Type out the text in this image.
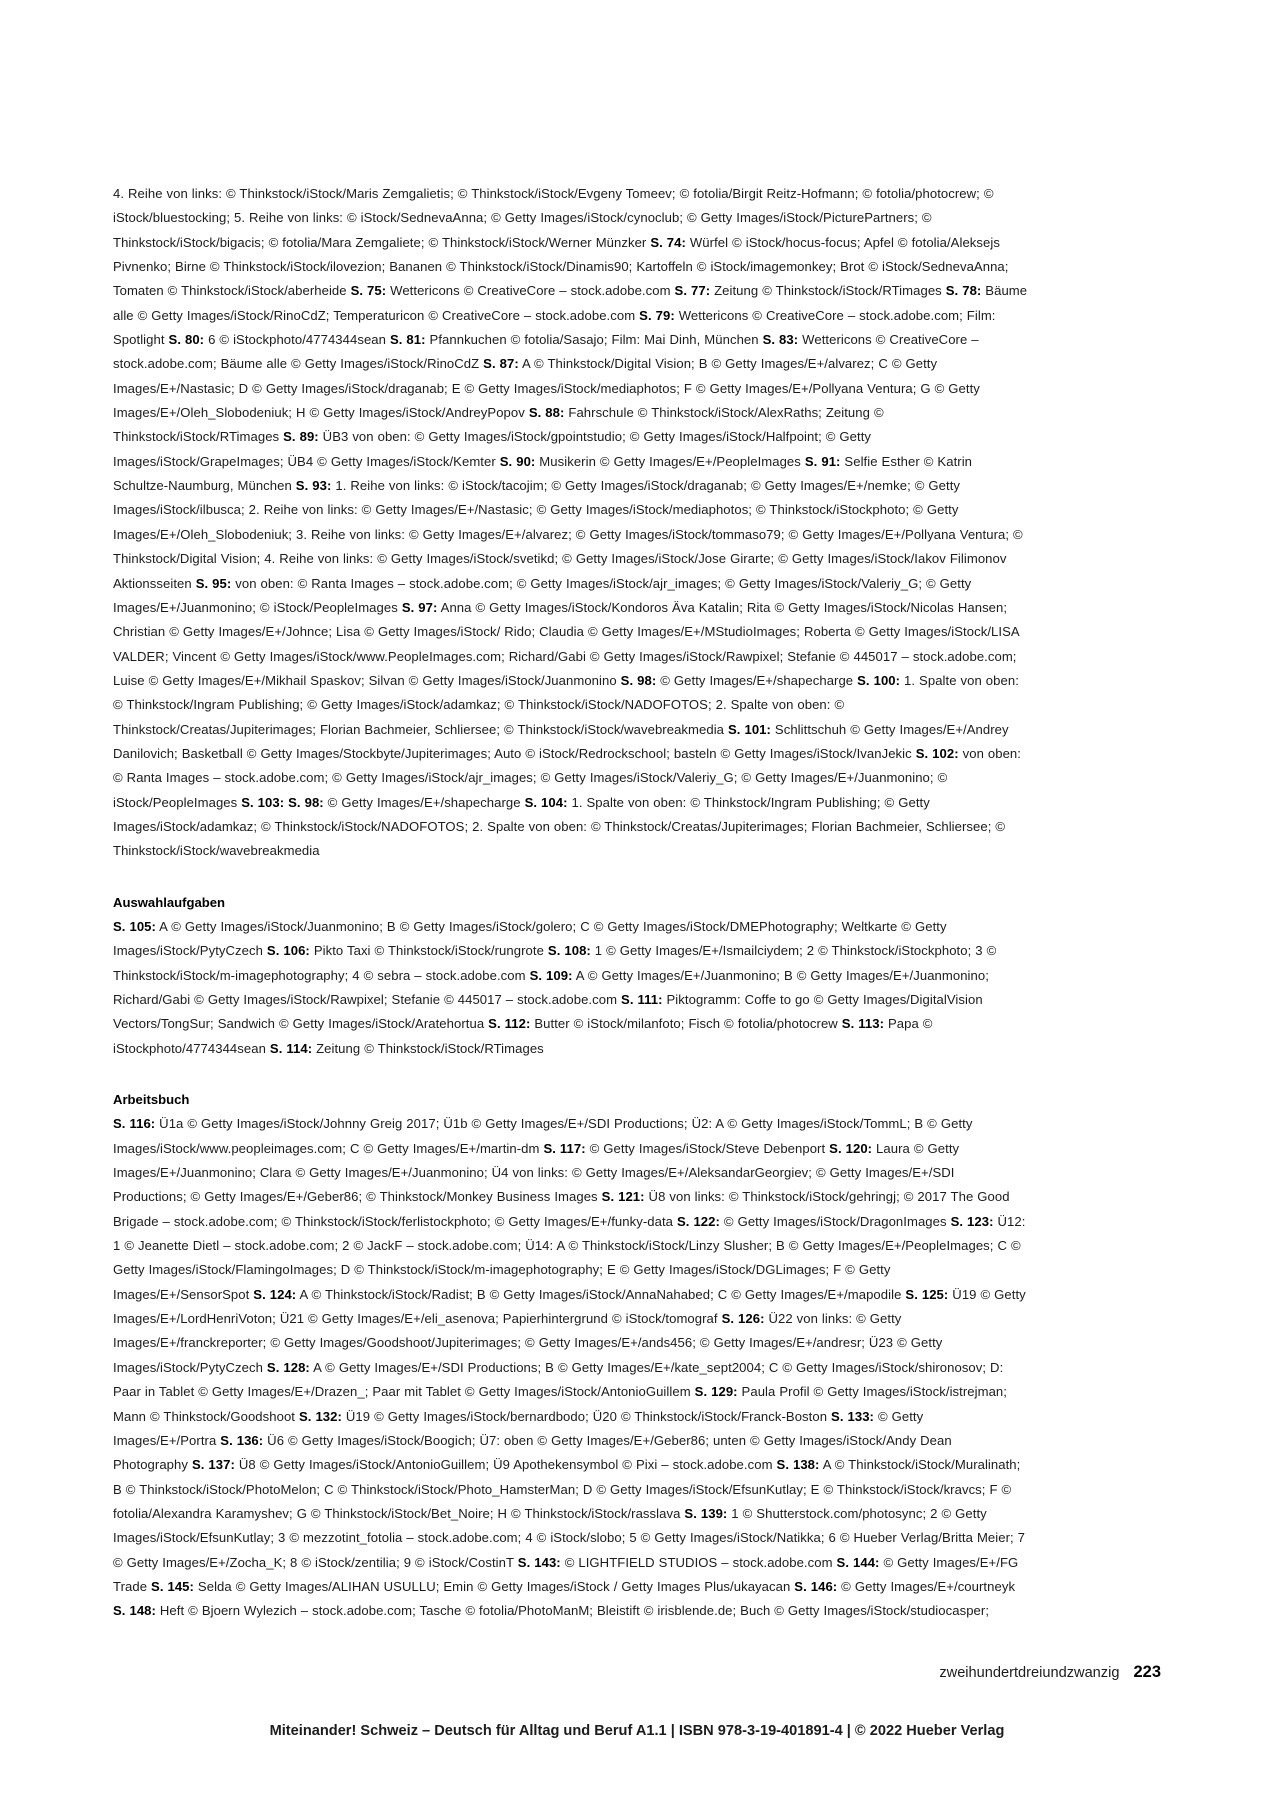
4. Reihe von links: © Thinkstock/iStock/Maris Zemgalietis; © Thinkstock/iStock/Evgeny Tomeev; © fotolia/Birgit Reitz-Hofmann; © fotolia/photocrew; © iStock/bluestocking; 5. Reihe von links: © iStock/SednevaAnna; © Getty Images/iStock/cynoclub; © Getty Images/iStock/PicturePartners; © Thinkstock/iStock/bigacis; © fotolia/Mara Zemgaliete; © Thinkstock/iStock/Werner Münzker S. 74: Würfel © iStock/hocus-focus; Apfel © fotolia/Aleksejs Pivnenko; Birne © Thinkstock/iStock/ilovezion; Bananen © Thinkstock/iStock/Dinamis90; Kartoffeln © iStock/imagemonkey; Brot © iStock/SednevaAnna; Tomaten © Thinkstock/iStock/aberheide S. 75: Wettericons © CreativeCore – stock.adobe.com S. 77: Zeitung © Thinkstock/iStock/RTimages S. 78: Bäume alle © Getty Images/iStock/RinoCdZ; Temperaturicon © CreativeCore – stock.adobe.com S. 79: Wettericons © CreativeCore – stock.adobe.com; Film: Spotlight S. 80: 6 © iStockphoto/4774344sean S. 81: Pfannkuchen © fotolia/Sasajo; Film: Mai Dinh, München S. 83: Wettericons © CreativeCore – stock.adobe.com; Bäume alle © Getty Images/iStock/RinoCdZ S. 87: A © Thinkstock/Digital Vision; B © Getty Images/E+/alvarez; C © Getty Images/E+/Nastasic; D © Getty Images/iStock/draganab; E © Getty Images/iStock/mediaphotos; F © Getty Images/E+/Pollyana Ventura; G © Getty Images/E+/Oleh_Slobodeniuk; H © Getty Images/iStock/AndreyPopov S. 88: Fahrschule © Thinkstock/iStock/AlexRaths; Zeitung © Thinkstock/iStock/RTimages S. 89: ÜB3 von oben: © Getty Images/iStock/gpointstudio; © Getty Images/iStock/Halfpoint; © Getty Images/iStock/GrapeImages; ÜB4 © Getty Images/iStock/Kemter S. 90: Musikerin © Getty Images/E+/PeopleImages S. 91: Selfie Esther © Katrin Schultze-Naumburg, München S. 93: 1. Reihe von links: © iStock/tacojim; © Getty Images/iStock/draganab; © Getty Images/E+/nemke; © Getty Images/iStock/ilbusca; 2. Reihe von links: © Getty Images/E+/Nastasic; © Getty Images/iStock/mediaphotos; © Thinkstock/iStockphoto; © Getty Images/E+/Oleh_Slobodeniuk; 3. Reihe von links: © Getty Images/E+/alvarez; © Getty Images/iStock/tommaso79; © Getty Images/E+/Pollyana Ventura; © Thinkstock/Digital Vision; 4. Reihe von links: © Getty Images/iStock/svetikd; © Getty Images/iStock/Jose Girarte; © Getty Images/iStock/Iakov Filimonov Aktionsseiten S. 95: von oben: © Ranta Images – stock.adobe.com; © Getty Images/iStock/ajr_images; © Getty Images/iStock/Valeriy_G; © Getty Images/E+/Juanmonino; © iStock/PeopleImages S. 97: Anna © Getty Images/iStock/Kondoros Äva Katalin; Rita © Getty Images/iStock/Nicolas Hansen; Christian © Getty Images/E+/Johnce; Lisa © Getty Images/iStock/ Rido; Claudia © Getty Images/E+/MStudioImages; Roberta © Getty Images/iStock/LISA VALDER; Vincent © Getty Images/iStock/www.PeopleImages.com; Richard/Gabi © Getty Images/iStock/Rawpixel; Stefanie © 445017 – stock.adobe.com; Luise © Getty Images/E+/Mikhail Spaskov; Silvan © Getty Images/iStock/Juanmonino S. 98: © Getty Images/E+/shapecharge S. 100: 1. Spalte von oben: © Thinkstock/Ingram Publishing; © Getty Images/iStock/adamkaz; © Thinkstock/iStock/NADOFOTOS; 2. Spalte von oben: © Thinkstock/Creatas/Jupiterimages; Florian Bachmeier, Schliersee; © Thinkstock/iStock/wavebreakmedia S. 101: Schlittschuh © Getty Images/E+/Andrey Danilovich; Basketball © Getty Images/Stockbyte/Jupiterimages; Auto © iStock/Redrockschool; basteln © Getty Images/iStock/IvanJekic S. 102: von oben: © Ranta Images – stock.adobe.com; © Getty Images/iStock/ajr_images; © Getty Images/iStock/Valeriy_G; © Getty Images/E+/Juanmonino; © iStock/PeopleImages S. 103: S. 98: © Getty Images/E+/shapecharge S. 104: 1. Spalte von oben: © Thinkstock/Ingram Publishing; © Getty Images/iStock/adamkaz; © Thinkstock/iStock/NADOFOTOS; 2. Spalte von oben: © Thinkstock/Creatas/Jupiterimages; Florian Bachmeier, Schliersee; © Thinkstock/iStock/wavebreakmedia
Auswahlaufgaben
S. 105: A © Getty Images/iStock/Juanmonino; B © Getty Images/iStock/golero; C © Getty Images/iStock/DMEPhotography; Weltkarte © Getty Images/iStock/PytyCzech S. 106: Pikto Taxi © Thinkstock/iStock/rungrote S. 108: 1 © Getty Images/E+/Ismailciydem; 2 © Thinkstock/iStockphoto; 3 © Thinkstock/iStock/m-imagephotography; 4 © sebra – stock.adobe.com S. 109: A © Getty Images/E+/Juanmonino; B © Getty Images/E+/Juanmonino; Richard/Gabi © Getty Images/iStock/Rawpixel; Stefanie © 445017 – stock.adobe.com S. 111: Piktogramm: Coffe to go © Getty Images/DigitalVision Vectors/TongSur; Sandwich © Getty Images/iStock/Aratehortua S. 112: Butter © iStock/milanfoto; Fisch © fotolia/photocrew S. 113: Papa © iStockphoto/4774344sean S. 114: Zeitung © Thinkstock/iStock/RTimages
Arbeitsbuch
S. 116: Ü1a © Getty Images/iStock/Johnny Greig 2017; Ü1b © Getty Images/E+/SDI Productions; Ü2: A © Getty Images/iStock/TommL; B © Getty Images/iStock/www.peopleimages.com; C © Getty Images/E+/martin-dm S. 117: © Getty Images/iStock/Steve Debenport S. 120: Laura © Getty Images/E+/Juanmonino; Clara © Getty Images/E+/Juanmonino; Ü4 von links: © Getty Images/E+/AleksandarGeorgiev; © Getty Images/E+/SDI Productions; © Getty Images/E+/Geber86; © Thinkstock/Monkey Business Images S. 121: Ü8 von links: © Thinkstock/iStock/gehringj; © 2017 The Good Brigade – stock.adobe.com; © Thinkstock/iStock/ferlistockphoto; © Getty Images/E+/funky-data S. 122: © Getty Images/iStock/DragonImages S. 123: Ü12: 1 © Jeanette Dietl – stock.adobe.com; 2 © JackF – stock.adobe.com; Ü14: A © Thinkstock/iStock/Linzy Slusher; B © Getty Images/E+/PeopleImages; C © Getty Images/iStock/FlamingoImages; D © Thinkstock/iStock/m-imagephotography; E © Getty Images/iStock/DGLimages; F © Getty Images/E+/SensorSpot S. 124: A © Thinkstock/iStock/Radist; B © Getty Images/iStock/AnnaNahabed; C © Getty Images/E+/mapodile S. 125: Ü19 © Getty Images/E+/LordHenriVoton; Ü21 © Getty Images/E+/eli_asenova; Papierhintergrund © iStock/tomograf S. 126: Ü22 von links: © Getty Images/E+/franckreporter; © Getty Images/Goodshoot/Jupiterimages; © Getty Images/E+/ands456; © Getty Images/E+/andresr; Ü23 © Getty Images/iStock/PytyCzech S. 128: A © Getty Images/E+/SDI Productions; B © Getty Images/E+/kate_sept2004; C © Getty Images/iStock/shironosov; D: Paar in Tablet © Getty Images/E+/Drazen_; Paar mit Tablet © Getty Images/iStock/AntonioGuillem S. 129: Paula Profil © Getty Images/iStock/istrejman; Mann © Thinkstock/Goodshoot S. 132: Ü19 © Getty Images/iStock/bernardbodo; Ü20 © Thinkstock/iStock/Franck-Boston S. 133: © Getty Images/E+/Portra S. 136: Ü6 © Getty Images/iStock/Boogich; Ü7: oben © Getty Images/E+/Geber86; unten © Getty Images/iStock/Andy Dean Photography S. 137: Ü8 © Getty Images/iStock/AntonioGuillem; Ü9 Apothekensymbol © Pixi – stock.adobe.com S. 138: A © Thinkstock/iStock/Muralinath; B © Thinkstock/iStock/PhotoMelon; C © Thinkstock/iStock/Photo_HamsterMan; D © Getty Images/iStock/EfsunKutlay; E © Thinkstock/iStock/kravcs; F © fotolia/Alexandra Karamyshev; G © Thinkstock/iStock/Bet_Noire; H © Thinkstock/iStock/rasslava S. 139: 1 © Shutterstock.com/photosync; 2 © Getty Images/iStock/EfsunKutlay; 3 © mezzotint_fotolia – stock.adobe.com; 4 © iStock/slobo; 5 © Getty Images/iStock/Natikka; 6 © Hueber Verlag/Britta Meier; 7 © Getty Images/E+/Zocha_K; 8 © iStock/zentilia; 9 © iStock/CostinT S. 143: © LIGHTFIELD STUDIOS – stock.adobe.com S. 144: © Getty Images/E+/FG Trade S. 145: Selda © Getty Images/ALIHAN USULLU; Emin © Getty Images/iStock / Getty Images Plus/ukayacan S. 146: © Getty Images/E+/courtneyk S. 148: Heft © Bjoern Wylezich – stock.adobe.com; Tasche © fotolia/PhotoManM; Bleistift © irisblende.de; Buch © Getty Images/iStock/studiocasper;
zweihundertdreiundzwanzig 223
Miteinander! Schweiz – Deutsch für Alltag und Beruf A1.1 | ISBN 978-3-19-401891-4 | © 2022 Hueber Verlag
